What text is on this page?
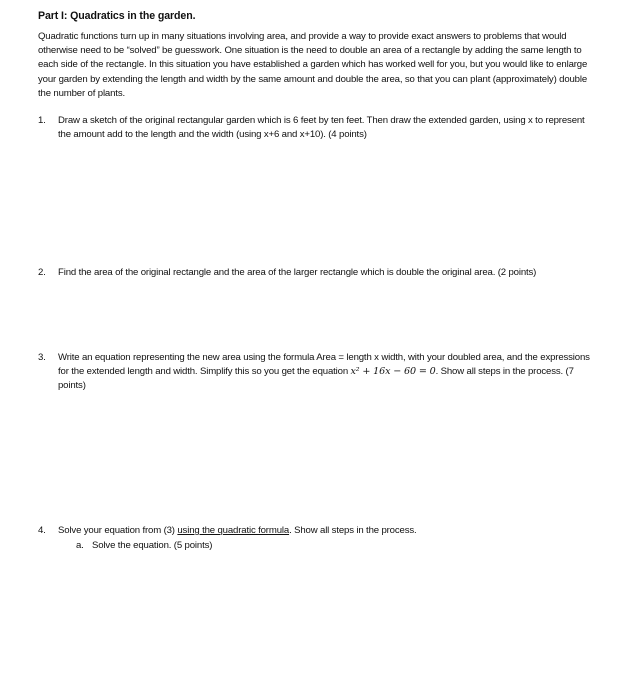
Part I: Quadratics in the garden.
Quadratic functions turn up in many situations involving area, and provide a way to provide exact answers to problems that would otherwise need to be “solved” be guesswork. One situation is the need to double an area of a rectangle by adding the same length to each side of the rectangle. In this situation you have established a garden which has worked well for you, but you would like to enlarge your garden by extending the length and width by the same amount and double the area, so that you can plant (approximately) double the number of plants.
1. Draw a sketch of the original rectangular garden which is 6 feet by ten feet. Then draw the extended garden, using x to represent the amount add to the length and the width (using x+6 and x+10). (4 points)
2. Find the area of the original rectangle and the area of the larger rectangle which is double the original area. (2 points)
3. Write an equation representing the new area using the formula Area = length x width, with your doubled area, and the expressions for the extended length and width. Simplify this so you get the equation x² + 16x − 60 = 0. Show all steps in the process. (7 points)
4. Solve your equation from (3) using the quadratic formula. Show all steps in the process.
a. Solve the equation. (5 points)
